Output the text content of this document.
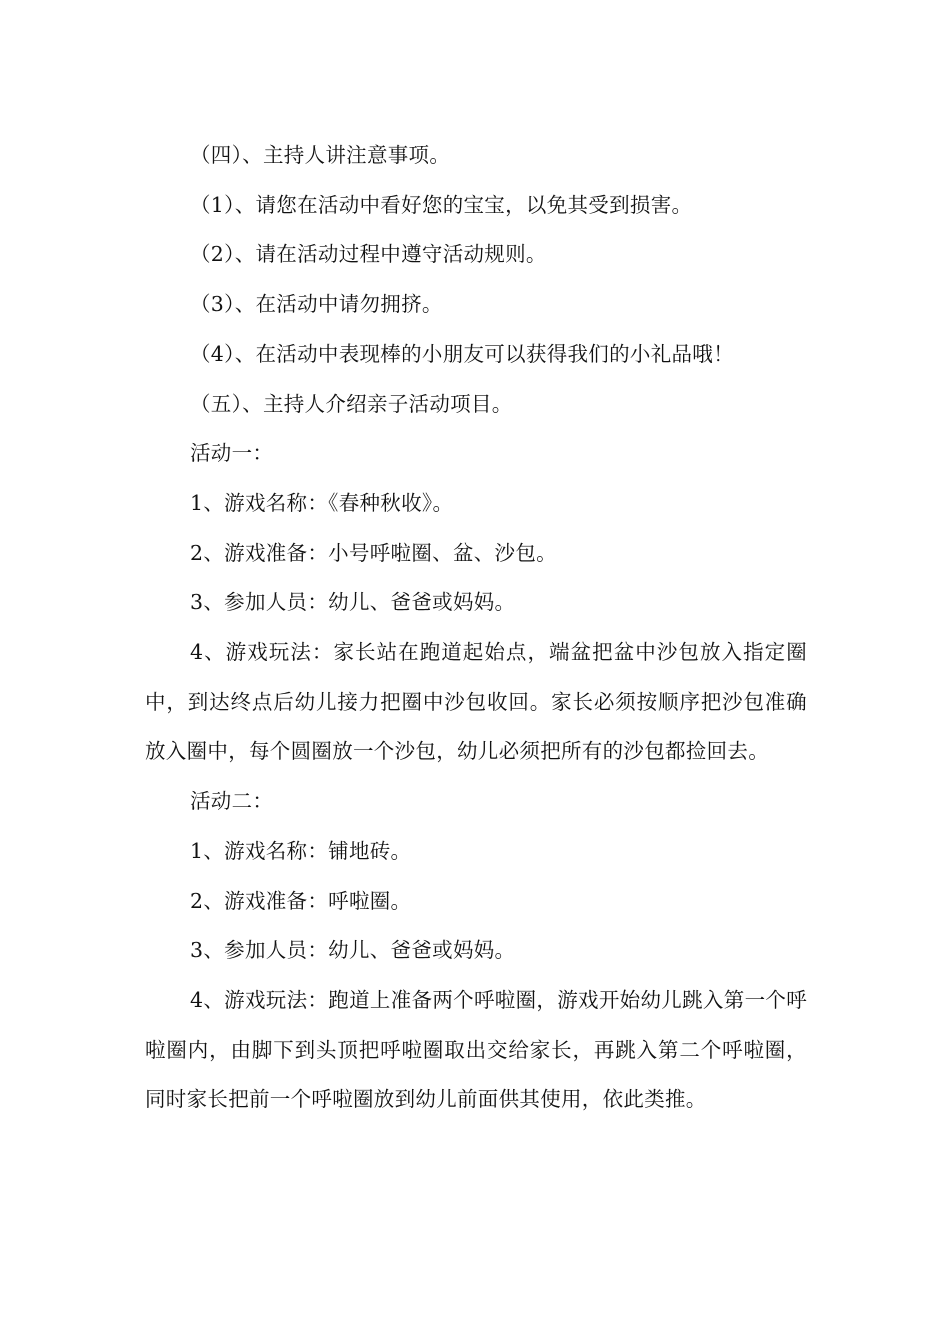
（四）、主持人讲注意事项。

（1）、请您在活动中看好您的宝宝，以免其受到损害。

（2）、请在活动过程中遵守活动规则。

（3）、在活动中请勿拥挤。

（4）、在活动中表现棒的小朋友可以获得我们的小礼品哦！

（五）、主持人介绍亲子活动项目。

活动一：

1、游戏名称：《春种秋收》。

2、游戏准备：小号呼啦圈、盆、沙包。

3、参加人员：幼儿、爸爸或妈妈。

4、游戏玩法：家长站在跑道起始点，端盆把盆中沙包放入指定圈中，到达终点后幼儿接力把圈中沙包收回。家长必须按顺序把沙包准确放入圈中，每个圆圈放一个沙包，幼儿必须把所有的沙包都捡回去。

活动二：

1、游戏名称：铺地砖。

2、游戏准备：呼啦圈。

3、参加人员：幼儿、爸爸或妈妈。

4、游戏玩法：跑道上准备两个呼啦圈，游戏开始幼儿跳入第一个呼啦圈内，由脚下到头顶把呼啦圈取出交给家长，再跳入第二个呼啦圈，同时家长把前一个呼啦圈放到幼儿前面供其使用，依此类推。
